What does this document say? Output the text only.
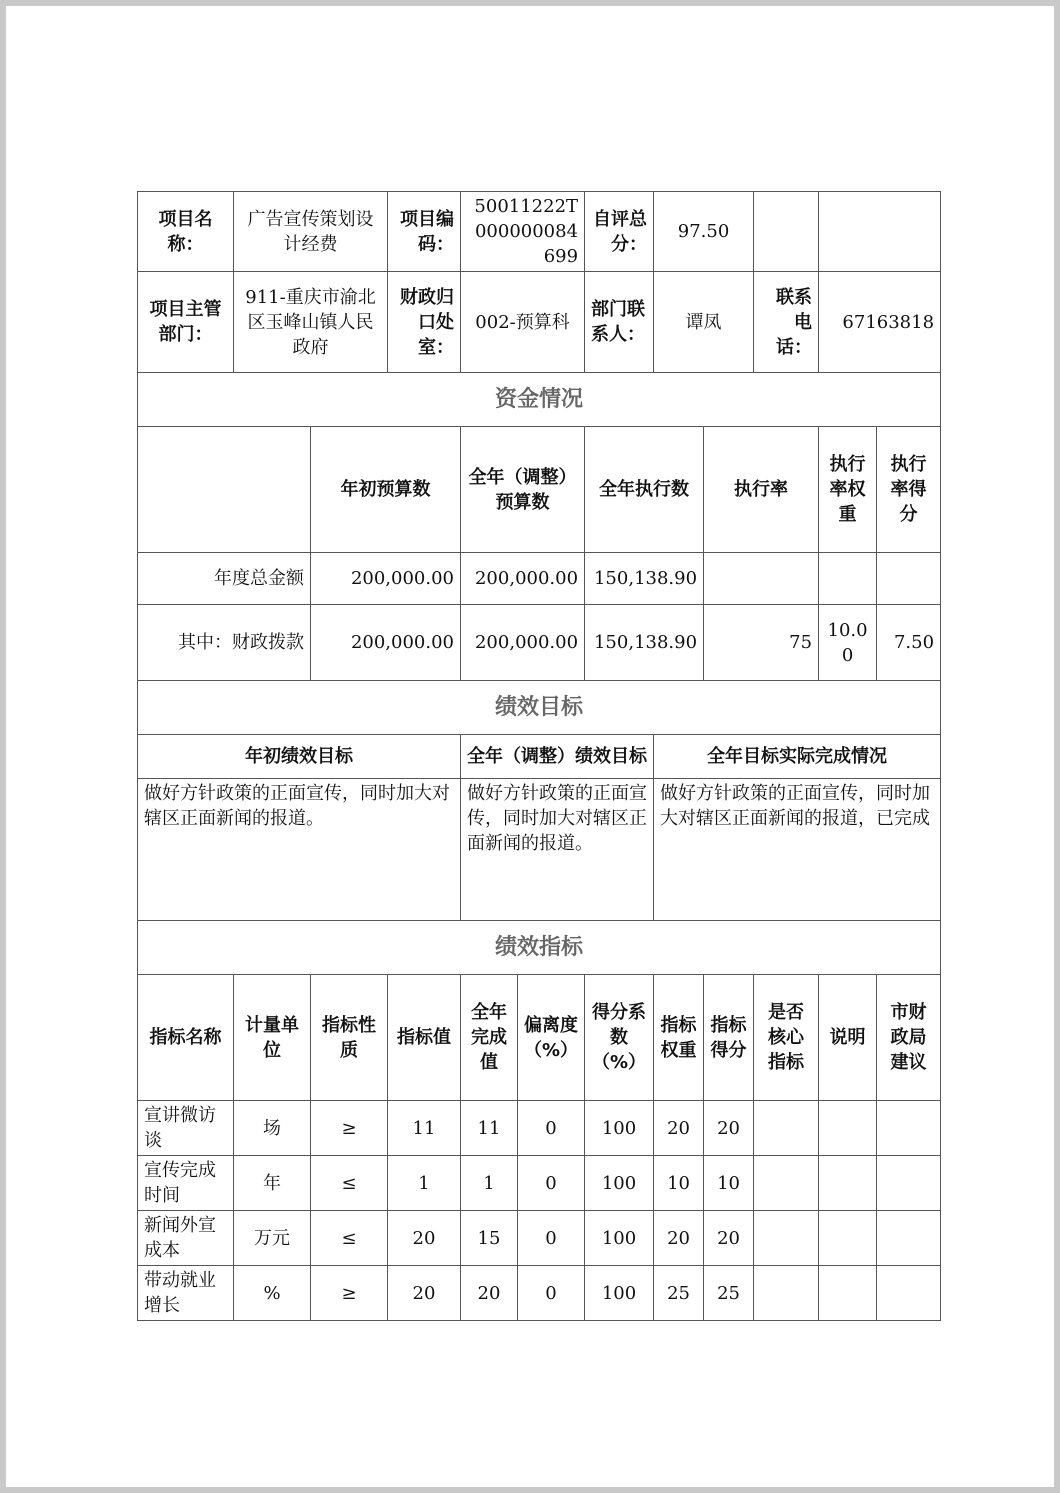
项目名称：	广告宣传策划设计经费		项目编码：	50011222T000000084699		自评总分：	97.50				
项目主管部门：	911-重庆市渝北区玉峰山镇人民政府		财政归口处室：	002-预算科		部门联系人：	谭凤		联系电话：	67163818	
资金情况											
		年初预算数		全年（调整）预算数		全年执行数		执行率		执行率权重	执行率得分
年度总金额		200,000.00		200,000.00		150,138.90					
其中：财政拨款		200,000.00		200,000.00		150,138.90		75		10.00	7.50
绩效目标											
年初绩效目标				全年（调整）绩效目标			全年目标实际完成情况				
做好方针政策的正面宣传，同时加大对辖区正面新闻的报道。				做好方针政策的正面宣传，同时加大对辖区正面新闻的报道。			做好方针政策的正面宣传，同时加大对辖区正面新闻的报道，已完成				
绩效指标											
指标名称	计量单位	指标性质	指标值	全年完成值	偏离度（%）	得分系数（%）	指标权重	指标得分	是否核心指标	说明	市财政局建议
宣讲微访谈	场	≥	11	11	0	100	20	20			
宣传完成时间	年	≤	1	1	0	100	10	10			
新闻外宣成本	万元	≤	20	15	0	100	20	20			
带动就业增长	%	≥	20	20	0	100	25	25			
